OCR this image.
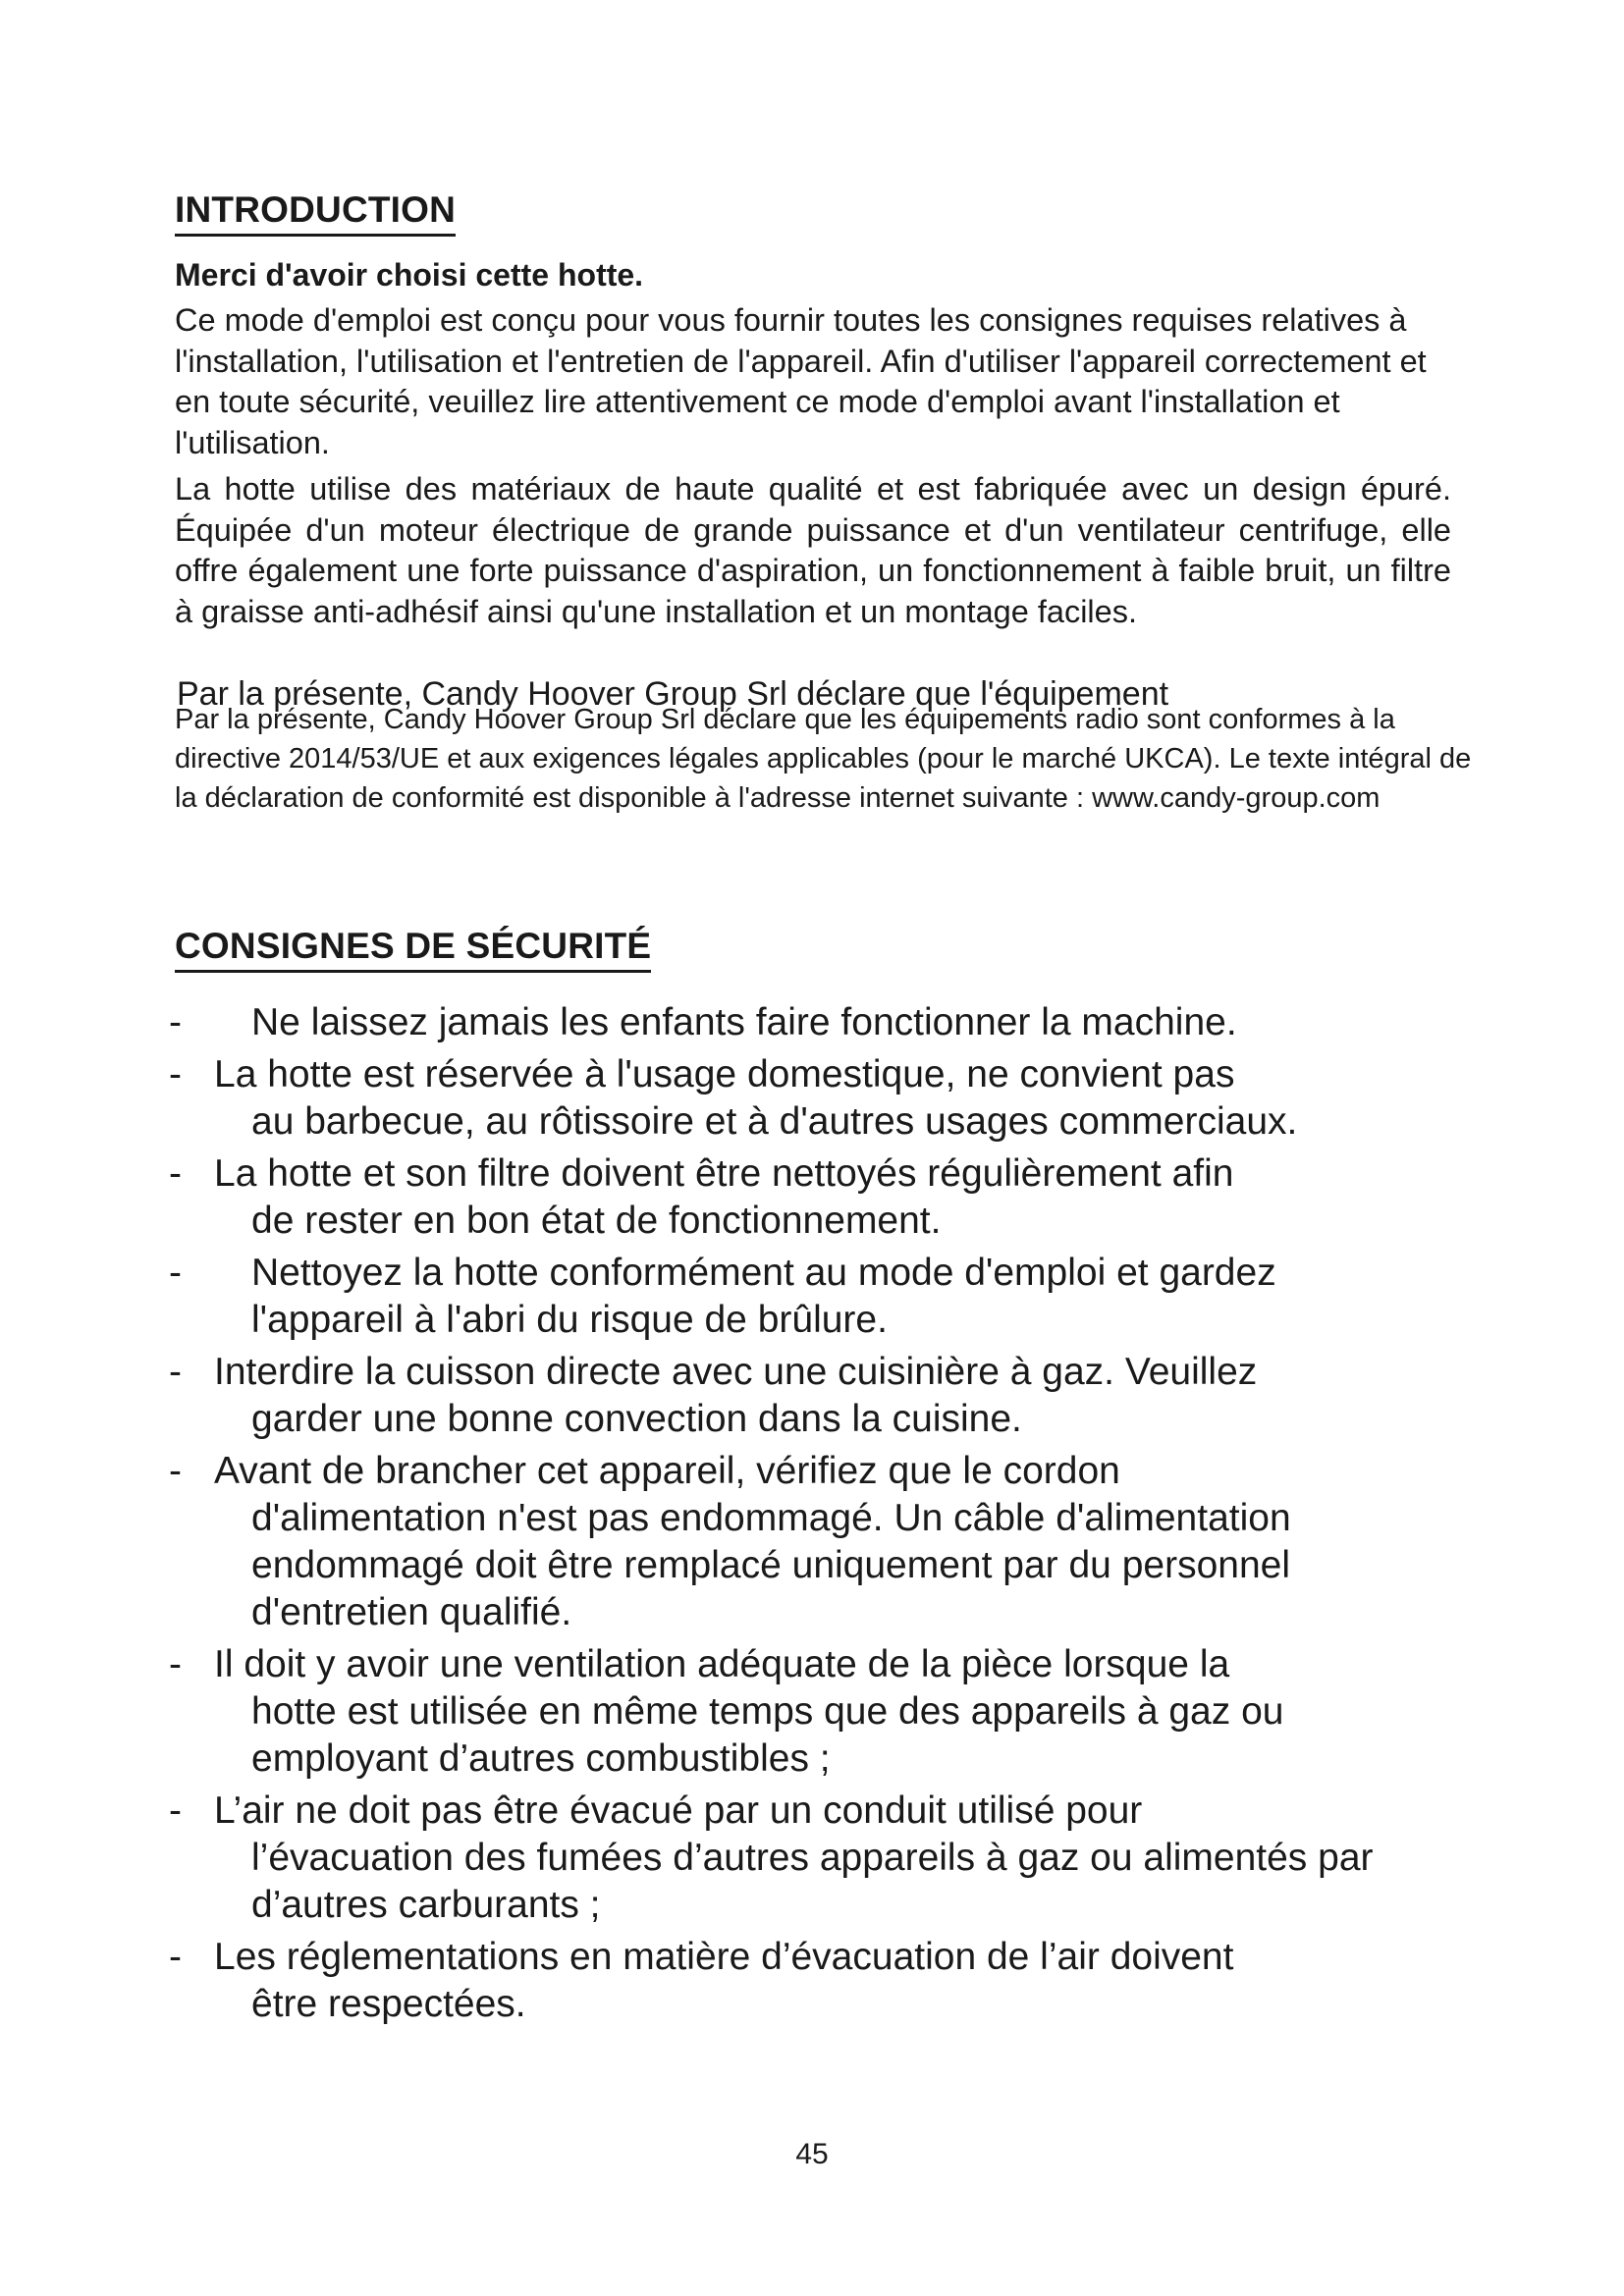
INTRODUCTION

Merci d'avoir choisi cette hotte.

Ce mode d'emploi est conçu pour vous fournir toutes les consignes requises relatives à l'installation, l'utilisation et l'entretien de l'appareil. Afin d'utiliser l'appareil correctement et en toute sécurité, veuillez lire attentivement ce mode d'emploi avant l'installation et l'utilisation.

La hotte utilise des matériaux de haute qualité et est fabriquée avec un design épuré. Équipée d'un moteur électrique de grande puissance et d'un ventilateur centrifuge, elle offre également une forte puissance d'aspiration, un fonctionnement à faible bruit, un filtre à graisse anti-adhésif ainsi qu'une installation et un montage faciles.

Par la présente, Candy Hoover Group Srl déclare que l'équipement

Par la présente, Candy Hoover Group Srl déclare que les équipements radio sont conformes à la directive 2014/53/UE et aux exigences légales applicables (pour le marché UKCA). Le texte intégral de la déclaration de conformité est disponible à l'adresse internet suivante : www.candy-group.com

CONSIGNES DE SÉCURITÉ
-	Ne laissez jamais les enfants faire fonctionner la machine.
- La hotte est réservée à l'usage domestique, ne convient pas
au barbecue, au rôtissoire et à d'autres usages commerciaux.
- La hotte et son filtre doivent être nettoyés régulièrement afin
de rester en bon état de fonctionnement.
-	Nettoyez la hotte conformément au mode d'emploi et gardez
l'appareil à l'abri du risque de brûlure.
- Interdire la cuisson directe avec une cuisinière à gaz. Veuillez
garder une bonne convection dans la cuisine.
- Avant de brancher cet appareil, vérifiez que le cordon
d'alimentation n'est pas endommagé. Un câble d'alimentation endommagé doit être remplacé uniquement par du personnel d'entretien qualifié.
- Il doit y avoir une ventilation adéquate de la pièce lorsque la
hotte est utilisée en même temps que des appareils à gaz ou employant d’autres combustibles ;
- L’air ne doit pas être évacué par un conduit utilisé pour
l’évacuation des fumées d’autres appareils à gaz ou alimentés par d’autres carburants ;
- Les réglementations en matière d’évacuation de l’air doivent
être respectées.

45
